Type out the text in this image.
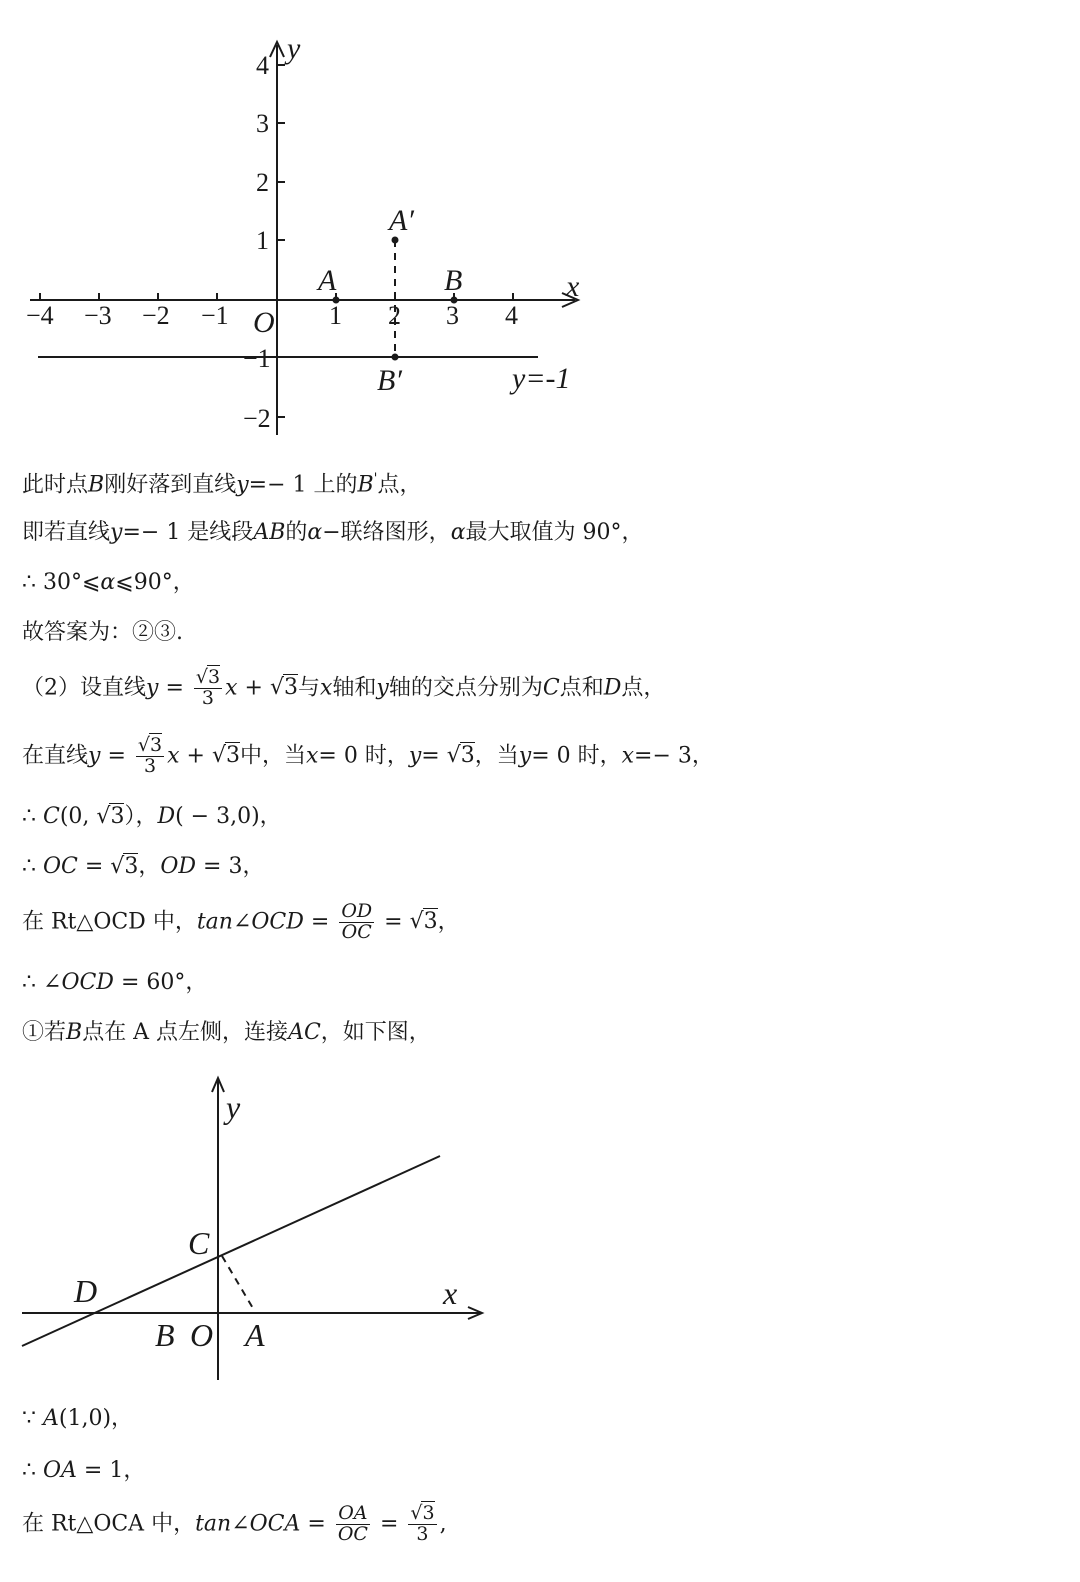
−4 −3 −2 −1	1 2 3 4
4
3
2
1
−1
−2
x
y
O
A	B
A′
B′	y=-1
此时点B刚好落到直线y=− 1 上的B'点，
即若直线y=− 1 是线段AB的α−联络图形，α最大取值为 90°，
∴ 30°⩽α⩽90°，
故答案为：②③.
（2）设直线$y = \frac{√3}{3}$ x + √3与x轴和y轴的交点分别为C点和D点，
在直线$y = \frac{√3}{3}$ x + √3中，当x= 0 时，y= √3，当y= 0 时，x=− 3，
∴ C(0, √3），D( − 3,0)，
∴ OC = √3，OD = 3，
在 Rt△OCD 中，tan∠OCD = $\frac{OD}{OC} = √3$，
∴ ∠OCD = 60°，
①若B点在 A 点左侧，连接AC，如下图，
y
x
C
D
B O A
∵ A(1,0)，
∴ OA = 1，
在 Rt△OCA 中，tan∠OCA = $\frac{OA}{OC} = \frac{√3}{3}$ ,
